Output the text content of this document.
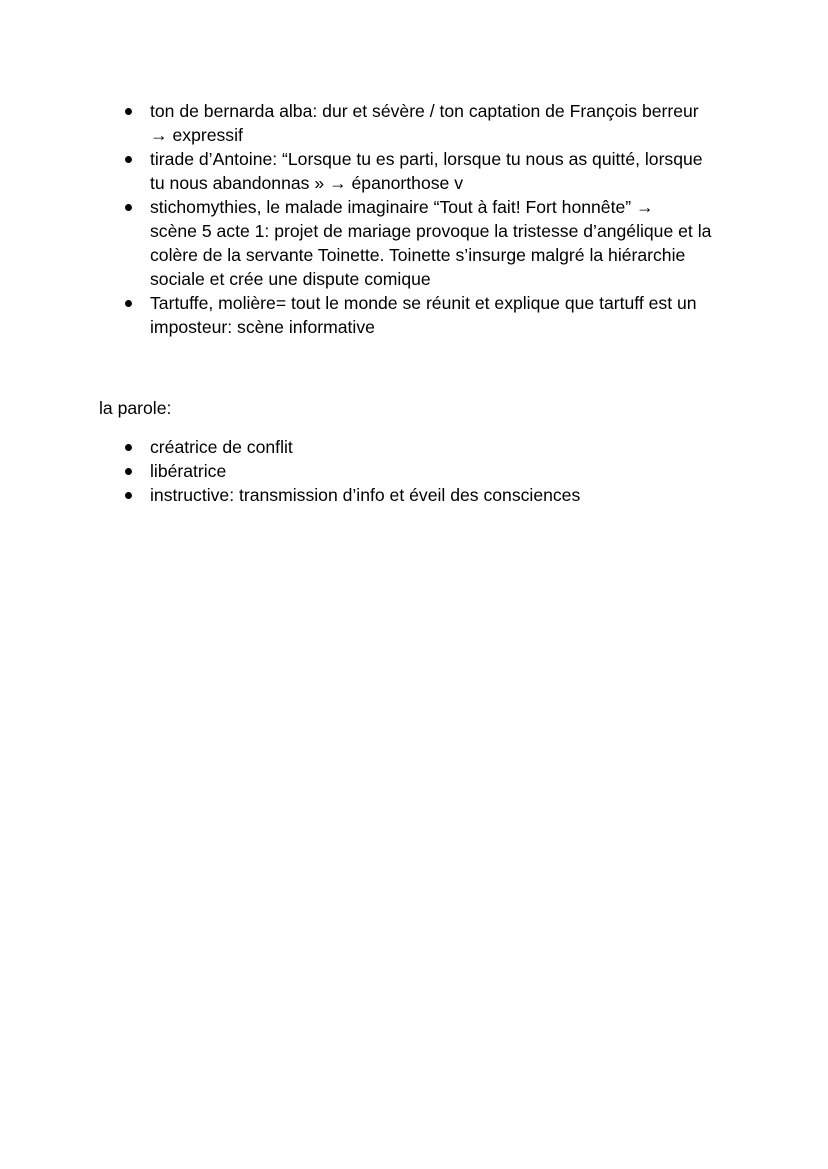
ton de bernarda alba: dur et sévère / ton captation de François berreur
→ expressif
tirade d’Antoine: “Lorsque tu es parti, lorsque tu nous as quitté, lorsque
tu nous abandonnas » → épanorthose v
stichomythies, le malade imaginaire “Tout à fait! Fort honnête” →
scène 5 acte 1: projet de mariage provoque la tristesse d’angélique et la
colère de la servante Toinette. Toinette s’insurge malgré la hiérarchie
sociale et crée une dispute comique
Tartuffe, molière= tout le monde se réunit et explique que tartuff est un
imposteur: scène informative
la parole:
créatrice de conflit
libératrice
instructive: transmission d’info et éveil des consciences
